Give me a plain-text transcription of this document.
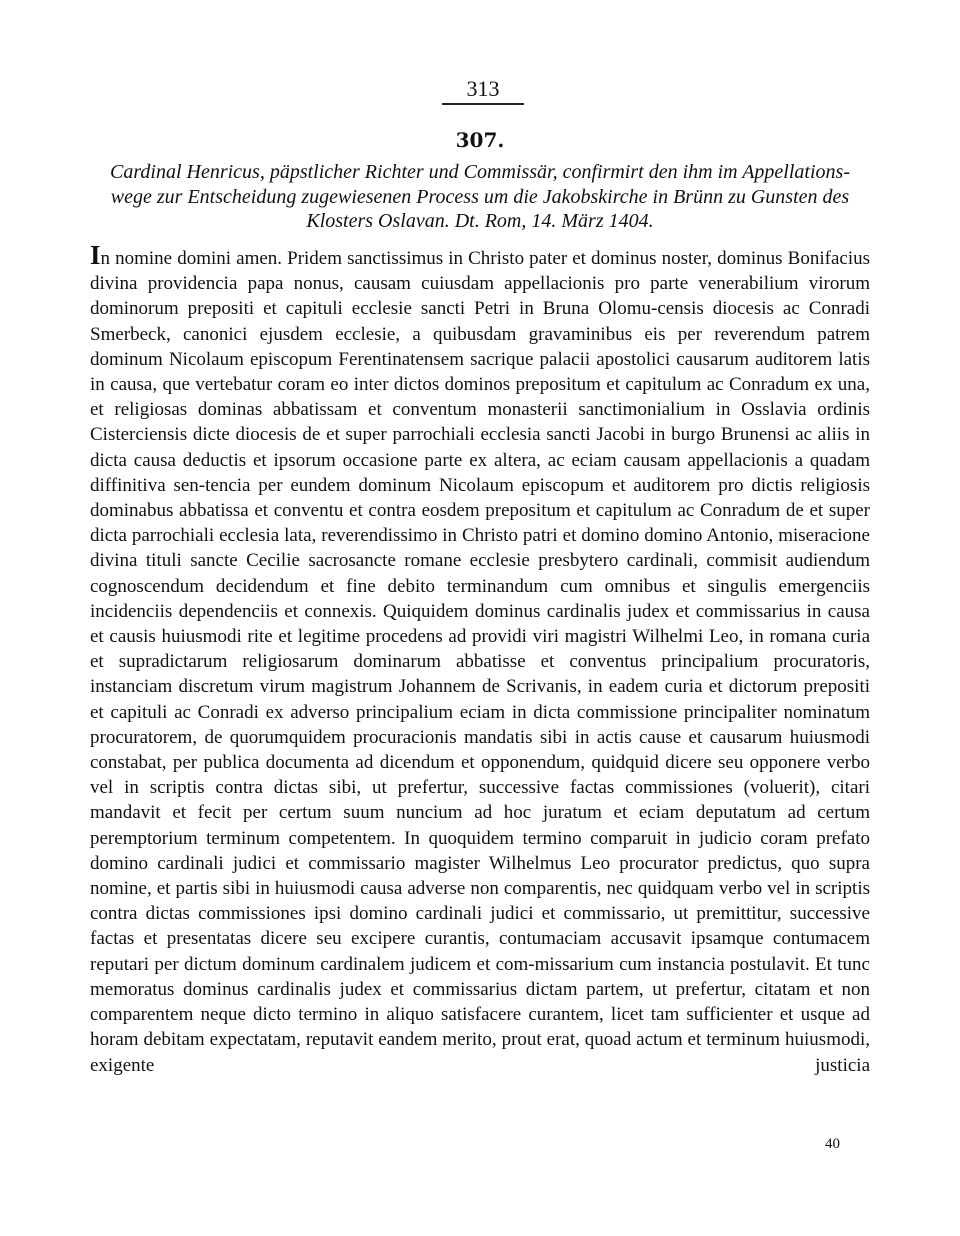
313
307.

Cardinal Henricus, päpstlicher Richter und Commissär, confirmirt den ihm im Appellations-wege zur Entscheidung zugewiesenen Process um die Jakobskirche in Brünn zu Gunsten des Klosters Oslavan. Dt. Rom, 14. März 1404.

In nomine domini amen. Pridem sanctissimus in Christo pater et dominus noster, dominus Bonifacius divina providencia papa nonus, causam cuiusdam appellacionis pro parte venerabilium virorum dominorum prepositi et capituli ecclesie sancti Petri in Bruna Olomu-censis diocesis ac Conradi Smerbeck, canonici ejusdem ecclesie, a quibusdam gravaminibus eis per reverendum patrem dominum Nicolaum episcopum Ferentinatensem sacrique palacii apostolici causarum auditorem latis in causa, que vertebatur coram eo inter dictos dominos prepositum et capitulum ac Conradum ex una, et religiosas dominas abbatissam et conventum monasterii sanctimonialium in Osslavia ordinis Cisterciensis dicte diocesis de et super parrochiali ecclesia sancti Jacobi in burgo Brunensi ac aliis in dicta causa deductis et ipsorum occasione parte ex altera, ac eciam causam appellacionis a quadam diffinitiva sen-tencia per eundem dominum Nicolaum episcopum et auditorem pro dictis religiosis dominabus abbatissa et conventu et contra eosdem prepositum et capitulum ac Conradum de et super dicta parrochiali ecclesia lata, reverendissimo in Christo patri et domino domino Antonio, miseracione divina tituli sancte Cecilie sacrosancte romane ecclesie presbytero cardinali, commisit audiendum cognoscendum decidendum et fine debito terminandum cum omnibus et singulis emergenciis incidenciis dependenciis et connexis. Quiquidem dominus cardinalis judex et commissarius in causa et causis huiusmodi rite et legitime procedens ad providi viri magistri Wilhelmi Leo, in romana curia et supradictarum religiosarum dominarum abbatisse et conventus principalium procuratoris, instanciam discretum virum magistrum Johannem de Scrivanis, in eadem curia et dictorum prepositi et capituli ac Conradi ex adverso principalium eciam in dicta commissione principaliter nominatum procuratorem, de quorumquidem procuracionis mandatis sibi in actis cause et causarum huiusmodi constabat, per publica documenta ad dicendum et opponendum, quidquid dicere seu opponere verbo vel in scriptis contra dictas sibi, ut prefertur, successive factas commissiones (voluerit), citari mandavit et fecit per certum suum nuncium ad hoc juratum et eciam deputatum ad certum peremptorium terminum competentem. In quoquidem termino comparuit in judicio coram prefato domino cardinali judici et commissario magister Wilhelmus Leo procurator predictus, quo supra nomine, et partis sibi in huiusmodi causa adverse non comparentis, nec quidquam verbo vel in scriptis contra dictas commissiones ipsi domino cardinali judici et commissario, ut premittitur, successive factas et presentatas dicere seu excipere curantis, contumaciam accusavit ipsamque contumacem reputari per dictum dominum cardinalem judicem et com-missarium cum instancia postulavit. Et tunc memoratus dominus cardinalis judex et commissarius dictam partem, ut prefertur, citatam et non comparentem neque dicto termino in aliquo satisfacere curantem, licet tam sufficienter et usque ad horam debitam expectatam, reputavit eandem merito, prout erat, quoad actum et terminum huiusmodi, exigente justicia

40
